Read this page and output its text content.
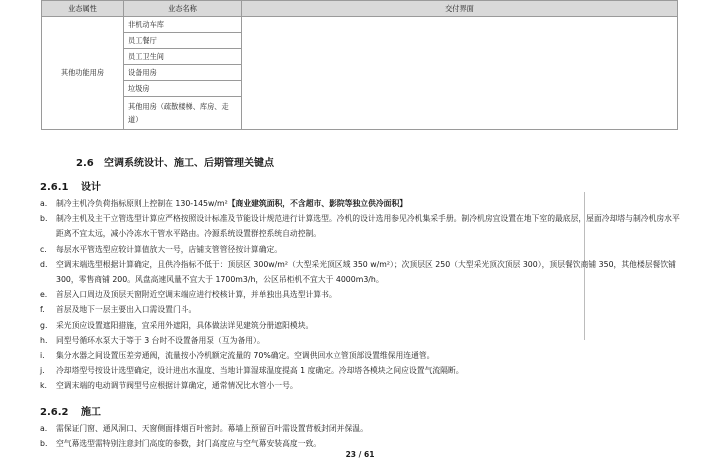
业态属性	业态名称	交付界面
其他功能用房	非机动车库	
	员工餐厅	
	员工卫生间	
	设备用房	
	垃圾房	
	其他用房（疏散楼梯、库房、走道）	
2.6 空调系统设计、施工、后期管理关键点
2.6.1 设计
a. 制冷主机冷负荷指标原则上控制在 130-145w/m²【商业建筑面积，不含超市、影院等独立供冷面积】
b. 制冷主机及主干立管选型计算应严格按照设计标准及节能设计规范进行计算选型。冷机的设计选用参见冷机集采手册。制冷机房宜设置在地下室的最底层，屋面冷却塔与制冷机房水平距离不宜太远，减小冷冻水干管水平路由。冷源系统设置群控系统自动控制。
c. 每层水平管选型应较计算值放大一号，店铺支管管径按计算确定。
d. 空调末端选型根据计算确定，且供冷指标不低于：顶层区 300w/m²（大型采光顶区域 350 w/m²）；次顶层区 250（大型采光顶次顶层 300），顶层餐饮商铺 350，其他楼层餐饮铺 300，零售商铺 200。风盘高速风量不宜大于 1700m3/h，公区吊柜机不宜大于 4000m3/h。
e. 首层入口周边及顶层天窗附近空调末端应进行校核计算，并单独出具选型计算书。
f. 首层及地下一层主要出入口需设置门斗。
g. 采光顶应设置遮阳措施，宜采用外遮阳，具体做法详见建筑分册遮阳模块。
h. 同型号循环水泵大于等于 3 台时不设置备用泵（互为备用）。
i. 集分水器之间设置压差旁通阀，流量按小冷机额定流量的 70%确定。空调供回水立管顶部设置维保用连通管。
j. 冷却塔型号按设计选型确定，设计进出水温度、当地计算湿球温度提高 1 度确定。冷却塔各模块之间应设置气流隔断。
k. 空调末端的电动调节阀型号应根据计算确定，通常情况比水管小一号。
2.6.2 施工
a. 需保证门窗、通风洞口、天窗侧面排烟百叶密封。幕墙上预留百叶需设置背板封闭并保温。
b. 空气幕选型需特别注意封门高度的参数，封门高度应与空气幕安装高度一致。
23 / 61
